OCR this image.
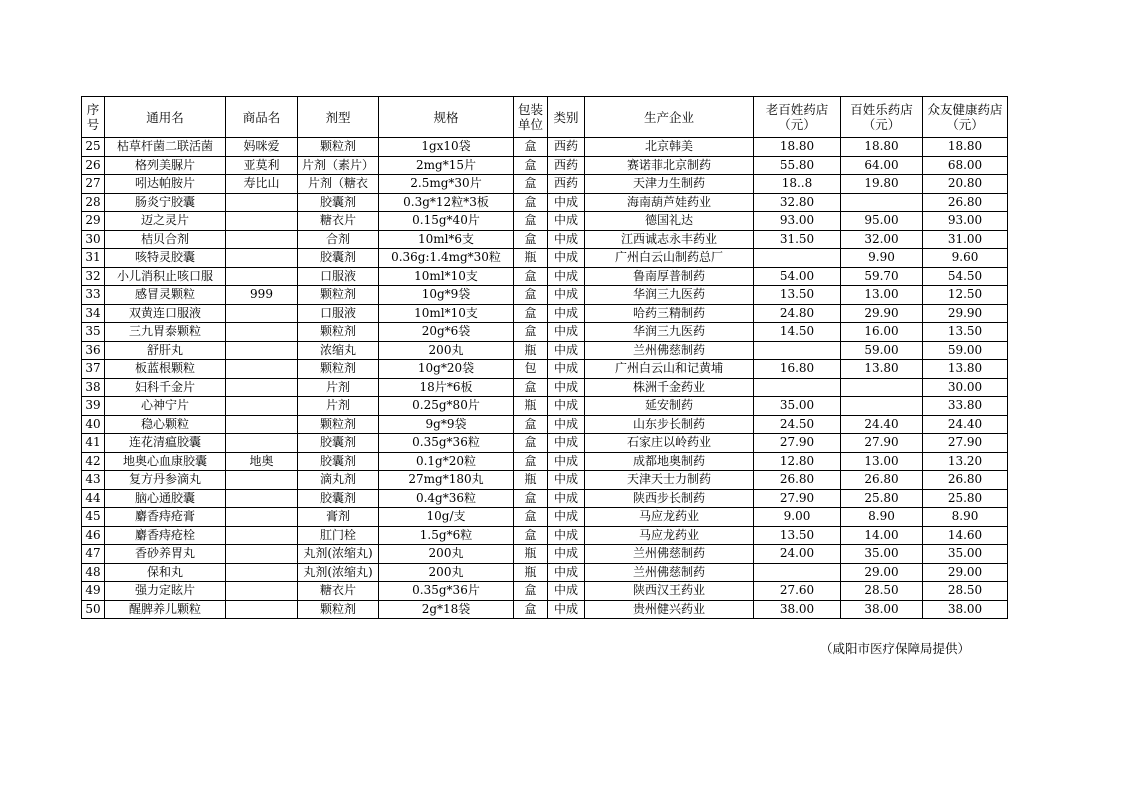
序号	通用名	商品名	剂型	规格	包装单位	类别	生产企业	老百姓药店（元）	百姓乐药店（元）	众友健康药店（元）
25	枯草杆菌二联活菌	妈咪爱	颗粒剂	1gx10袋	盒	西药	北京韩美	18.80	18.80	18.80
26	格列美脲片	亚莫利	片剂（素片）	2mg*15片	盒	西药	赛诺菲北京制药	55.80	64.00	68.00
27	吲达帕胺片	寿比山	片剂（糖衣	2.5mg*30片	盒	西药	天津力生制药	18..8	19.80	20.80
28	肠炎宁胶囊		胶囊剂	0.3g*12粒*3板	盒	中成	海南葫芦娃药业	32.80		26.80
29	迈之灵片		糖衣片	0.15g*40片	盒	中成	德国礼达	93.00	95.00	93.00
30	桔贝合剂		合剂	10ml*6支	盒	中成	江西诚志永丰药业	31.50	32.00	31.00
31	咳特灵胶囊		胶囊剂	0.36g:1.4mg*30粒	瓶	中成	广州白云山制药总厂		9.90	9.60
32	小儿消积止咳口服		口服液	10ml*10支	盒	中成	鲁南厚普制药	54.00	59.70	54.50
33	感冒灵颗粒	999	颗粒剂	10g*9袋	盒	中成	华润三九医药	13.50	13.00	12.50
34	双黄连口服液		口服液	10ml*10支	盒	中成	哈药三精制药	24.80	29.90	29.90
35	三九胃泰颗粒		颗粒剂	20g*6袋	盒	中成	华润三九医药	14.50	16.00	13.50
36	舒肝丸		浓缩丸	200丸	瓶	中成	兰州佛慈制药		59.00	59.00
37	板蓝根颗粒		颗粒剂	10g*20袋	包	中成	广州白云山和记黄埔	16.80	13.80	13.80
38	妇科千金片		片剂	18片*6板	盒	中成	株洲千金药业			30.00
39	心神宁片		片剂	0.25g*80片	瓶	中成	延安制药	35.00		33.80
40	稳心颗粒		颗粒剂	9g*9袋	盒	中成	山东步长制药	24.50	24.40	24.40
41	连花清瘟胶囊		胶囊剂	0.35g*36粒	盒	中成	石家庄以岭药业	27.90	27.90	27.90
42	地奥心血康胶囊	地奥	胶囊剂	0.1g*20粒	盒	中成	成都地奥制药	12.80	13.00	13.20
43	复方丹参滴丸		滴丸剂	27mg*180丸	瓶	中成	天津天士力制药	26.80	26.80	26.80
44	脑心通胶囊		胶囊剂	0.4g*36粒	盒	中成	陕西步长制药	27.90	25.80	25.80
45	麝香痔疮膏		膏剂	10g/支	盒	中成	马应龙药业	9.00	8.90	8.90
46	麝香痔疮栓		肛门栓	1.5g*6粒	盒	中成	马应龙药业	13.50	14.00	14.60
47	香砂养胃丸		丸剂(浓缩丸)	200丸	瓶	中成	兰州佛慈制药	24.00	35.00	35.00
48	保和丸		丸剂(浓缩丸)	200丸	瓶	中成	兰州佛慈制药		29.00	29.00
49	强力定眩片		糖衣片	0.35g*36片	盒	中成	陕西汉王药业	27.60	28.50	28.50
50	醒脾养儿颗粒		颗粒剂	2g*18袋	盒	中成	贵州健兴药业	38.00	38.00	38.00
（咸阳市医疗保障局提供）
